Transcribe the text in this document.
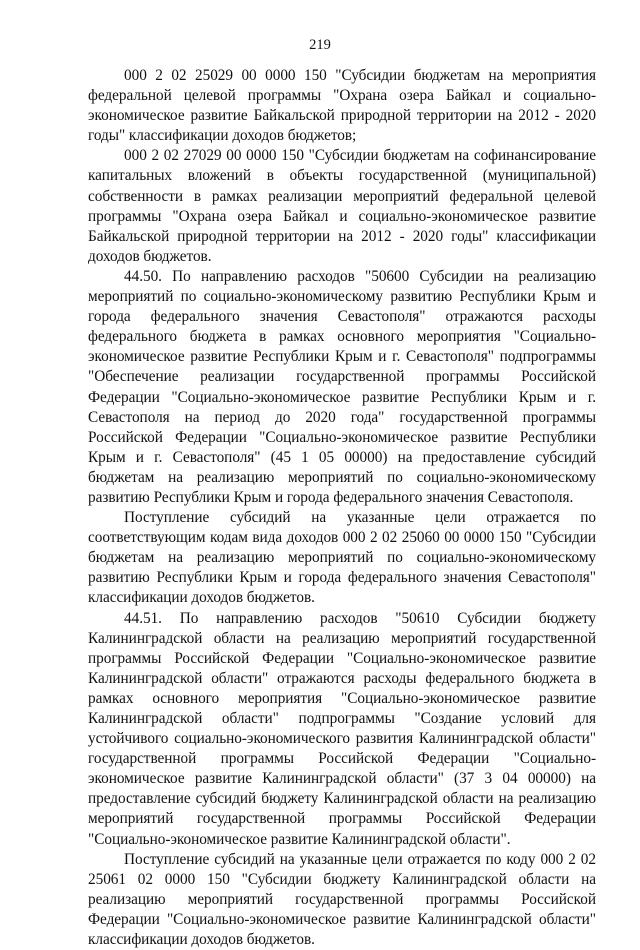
219

000 2 02 25029 00 0000 150 "Субсидии бюджетам на мероприятия федеральной целевой программы "Охрана озера Байкал и социально-экономическое развитие Байкальской природной территории на 2012 - 2020 годы" классификации доходов бюджетов;

000 2 02 27029 00 0000 150 "Субсидии бюджетам на софинансирование капитальных вложений в объекты государственной (муниципальной) собственности в рамках реализации мероприятий федеральной целевой программы "Охрана озера Байкал и социально-экономическое развитие Байкальской природной территории на 2012 - 2020 годы" классификации доходов бюджетов.

44.50. По направлению расходов "50600 Субсидии на реализацию мероприятий по социально-экономическому развитию Республики Крым и города федерального значения Севастополя" отражаются расходы федерального бюджета в рамках основного мероприятия "Социально-экономическое развитие Республики Крым и г. Севастополя" подпрограммы "Обеспечение реализации государственной программы Российской Федерации "Социально-экономическое развитие Республики Крым и г. Севастополя на период до 2020 года" государственной программы Российской Федерации "Социально-экономическое развитие Республики Крым и г. Севастополя" (45 1 05 00000) на предоставление субсидий бюджетам на реализацию мероприятий по социально-экономическому развитию Республики Крым и города федерального значения Севастополя.

Поступление субсидий на указанные цели отражается по соответствующим кодам вида доходов 000 2 02 25060 00 0000 150 "Субсидии бюджетам на реализацию мероприятий по социально-экономическому развитию Республики Крым и города федерального значения Севастополя" классификации доходов бюджетов.

44.51. По направлению расходов "50610 Субсидии бюджету Калининградской области на реализацию мероприятий государственной программы Российской Федерации "Социально-экономическое развитие Калининградской области" отражаются расходы федерального бюджета в рамках основного мероприятия "Социально-экономическое развитие Калининградской области" подпрограммы "Создание условий для устойчивого социально-экономического развития Калининградской области" государственной программы Российской Федерации "Социально-экономическое развитие Калининградской области" (37 3 04 00000) на предоставление субсидий бюджету Калининградской области на реализацию мероприятий государственной программы Российской Федерации "Социально-экономическое развитие Калининградской области".

Поступление субсидий на указанные цели отражается по коду 000 2 02 25061 02 0000 150 "Субсидии бюджету Калининградской области на реализацию мероприятий государственной программы Российской Федерации "Социально-экономическое развитие Калининградской области" классификации доходов бюджетов.
